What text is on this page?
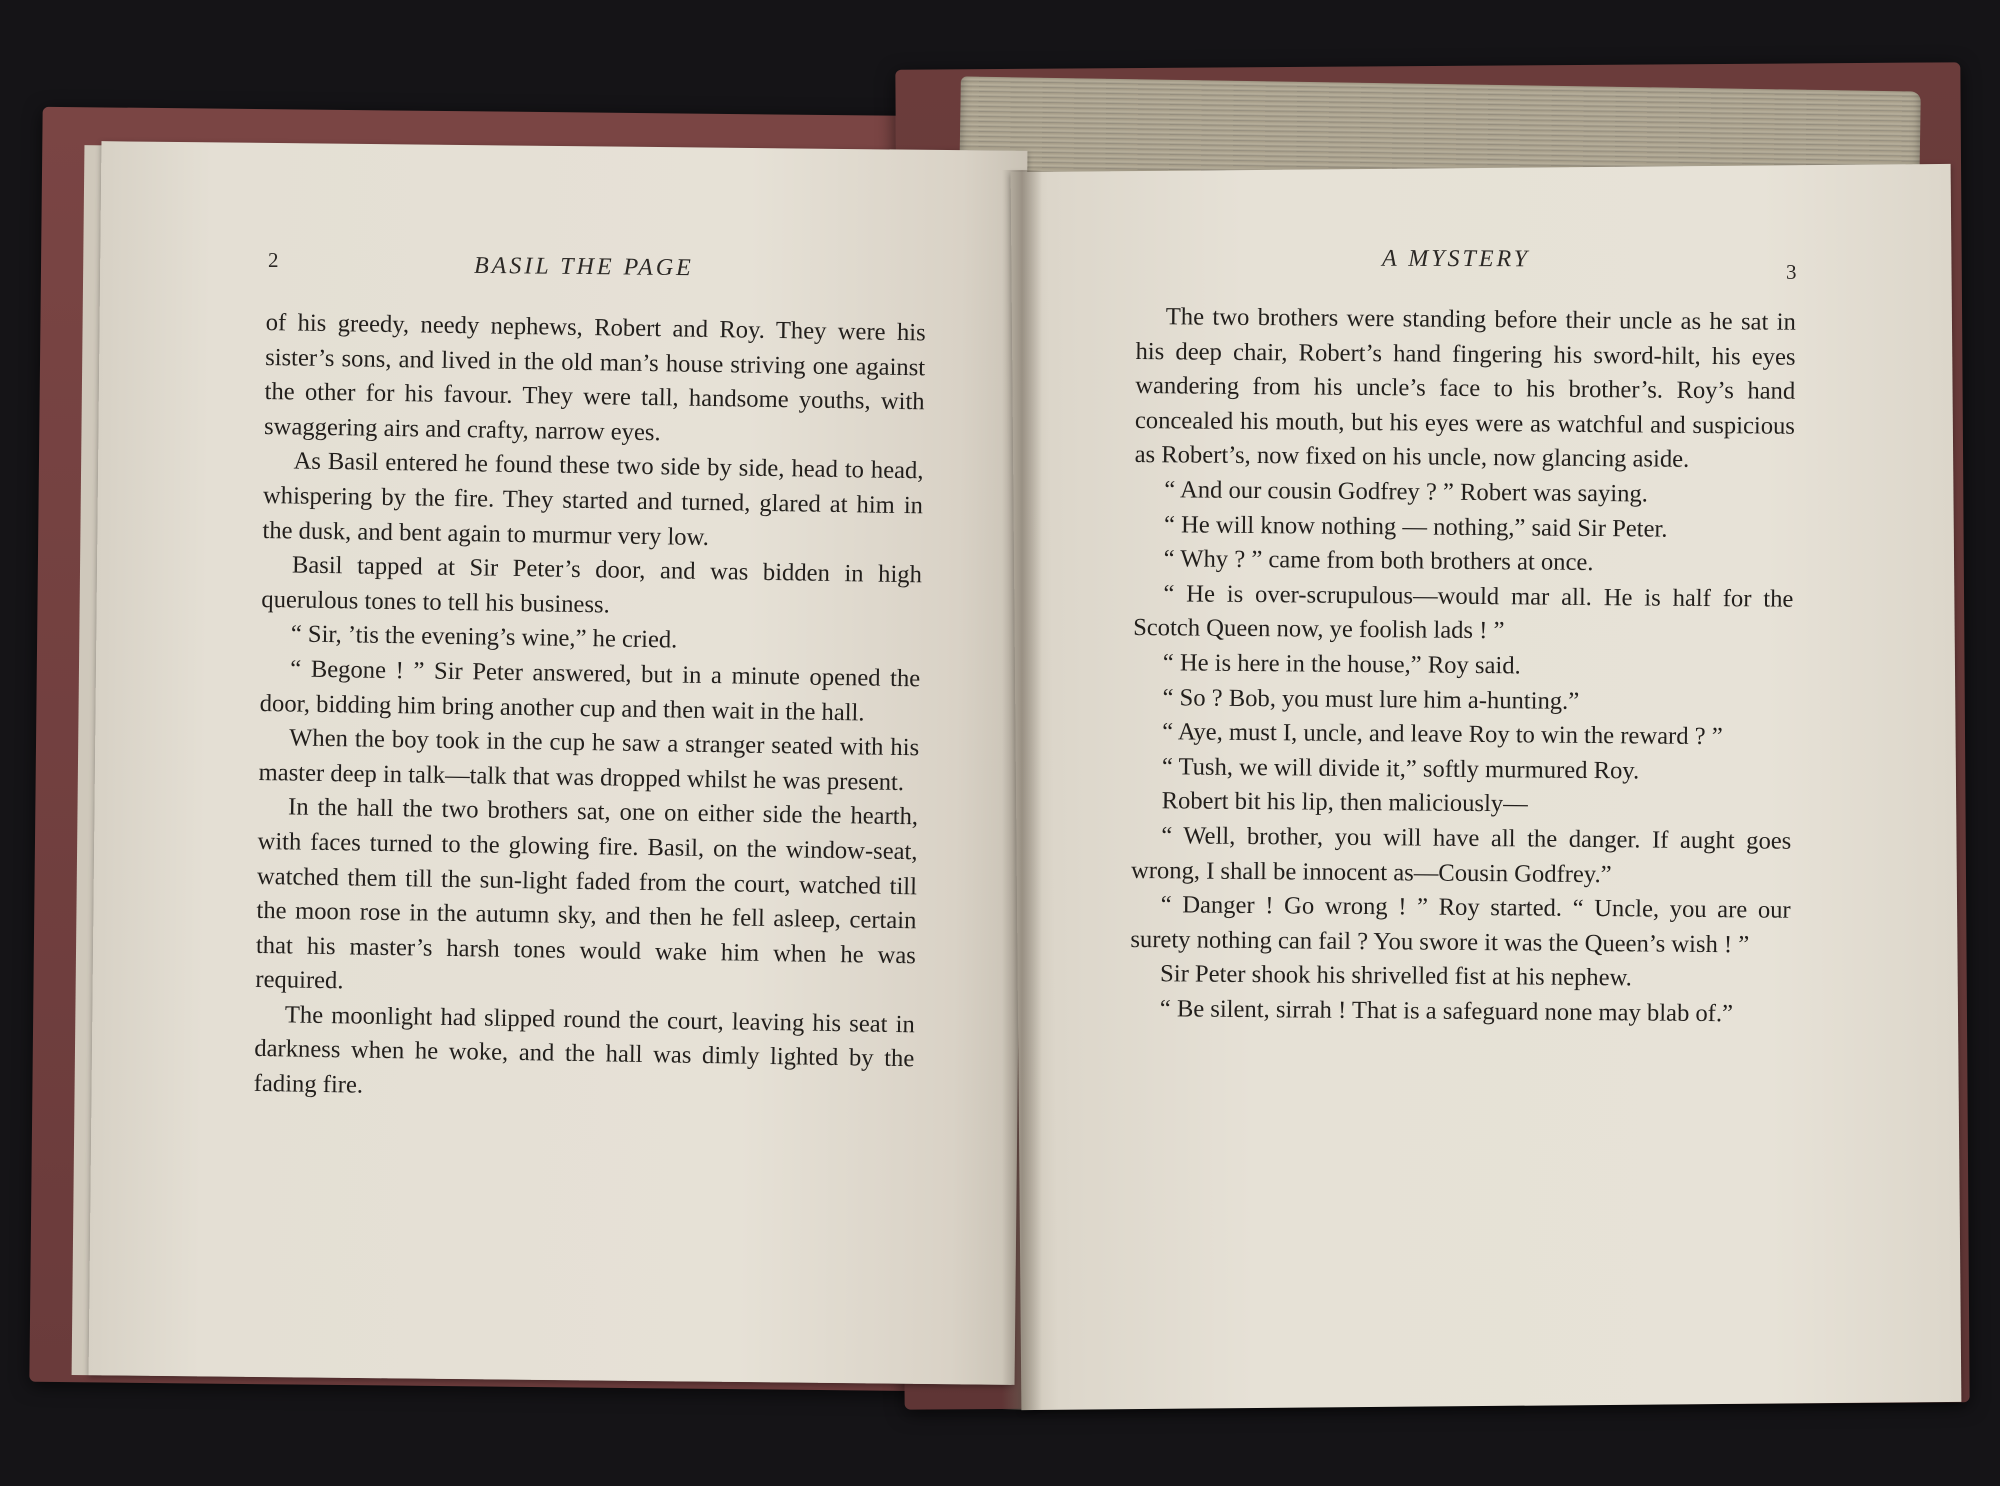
2	BASIL THE PAGE

of his greedy, needy nephews, Robert and Roy. They were his sister’s sons, and lived in the old man’s house striving one against the other for his favour. They were tall, handsome youths, with swaggering airs and crafty, narrow eyes.

As Basil entered he found these two side by side, head to head, whispering by the fire. They started and turned, glared at him in the dusk, and bent again to murmur very low.

Basil tapped at Sir Peter’s door, and was bidden in high querulous tones to tell his business.

“ Sir, ’tis the evening’s wine,” he cried.

“ Begone ! ” Sir Peter answered, but in a minute opened the door, bidding him bring another cup and then wait in the hall.

When the boy took in the cup he saw a stranger seated with his master deep in talk—talk that was dropped whilst he was present.

In the hall the two brothers sat, one on either side the hearth, with faces turned to the glowing fire. Basil, on the window-seat, watched them till the sun-light faded from the court, watched till the moon rose in the autumn sky, and then he fell asleep, certain that his master’s harsh tones would wake him when he was required.

The moonlight had slipped round the court, leaving his seat in darkness when he woke, and the hall was dimly lighted by the fading fire.

A MYSTERY	3

The two brothers were standing before their uncle as he sat in his deep chair, Robert’s hand fingering his sword-hilt, his eyes wandering from his uncle’s face to his brother’s. Roy’s hand concealed his mouth, but his eyes were as watchful and suspicious as Robert’s, now fixed on his uncle, now glancing aside.

“ And our cousin Godfrey ? ” Robert was saying.

“ He will know nothing — nothing,” said Sir Peter.

“ Why ? ” came from both brothers at once.

“ He is over-scrupulous—would mar all. He is half for the Scotch Queen now, ye foolish lads ! ”

“ He is here in the house,” Roy said.

“ So ? Bob, you must lure him a-hunting.”

“ Aye, must I, uncle, and leave Roy to win the reward ? ”

“ Tush, we will divide it,” softly murmured Roy.

Robert bit his lip, then maliciously—

“ Well, brother, you will have all the danger. If aught goes wrong, I shall be innocent as—Cousin Godfrey.”

“ Danger ! Go wrong ! ” Roy started. “ Uncle, you are our surety nothing can fail ? You swore it was the Queen’s wish ! ”

Sir Peter shook his shrivelled fist at his nephew.

“ Be silent, sirrah ! That is a safeguard none may blab of.”
